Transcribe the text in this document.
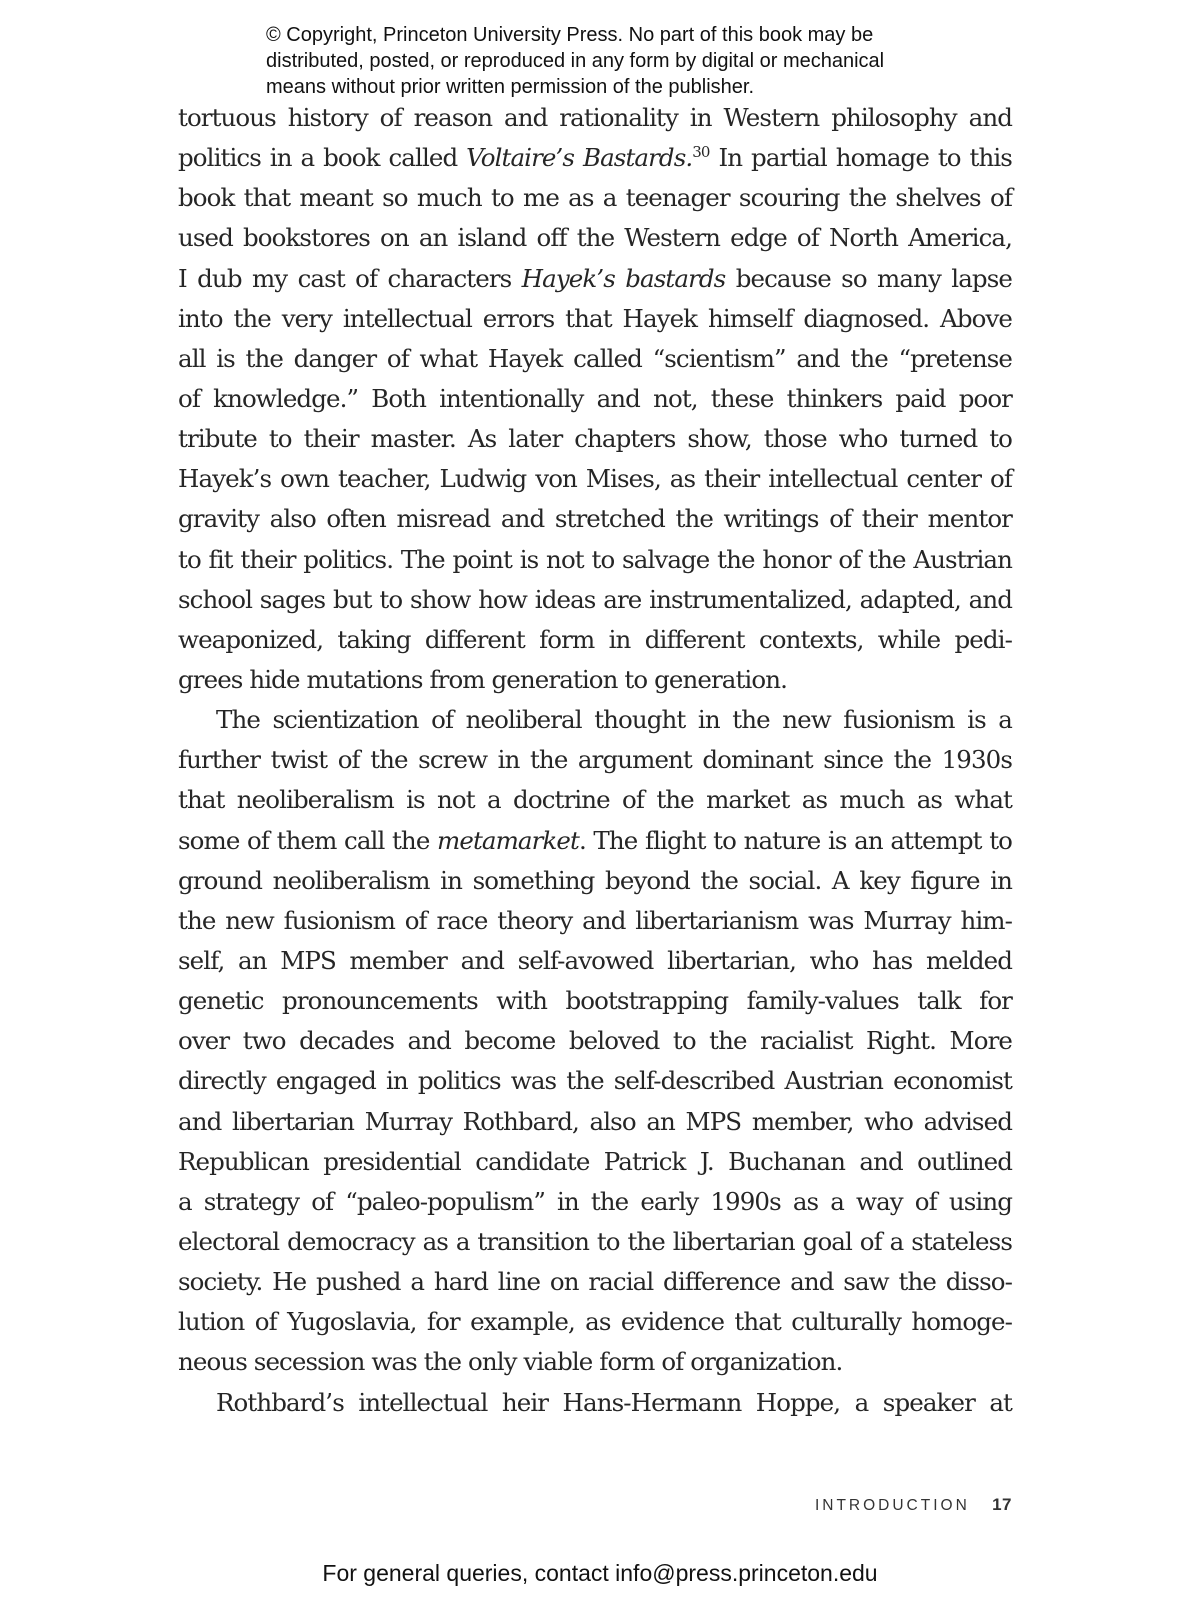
© Copyright, Princeton University Press. No part of this book may be
distributed, posted, or reproduced in any form by digital or mechanical
means without prior written permission of the publisher.
tortuous history of reason and rationality in Western philosophy and
politics in a book called Voltaire’s Bastards.$^{30}$ In partial homage to this
book that meant so much to me as a teenager scouring the shelves of
used bookstores on an island off the Western edge of North America,
I dub my cast of characters Hayek’s bastards because so many lapse
into the very intellectual errors that Hayek himself diagnosed. Above
all is the danger of what Hayek called “scientism” and the “pretense
of knowledge.” Both intentionally and not, these thinkers paid poor
tribute to their master. As later chapters show, those who turned to
Hayek’s own teacher, Ludwig von Mises, as their intellectual center of
gravity also often misread and stretched the writings of their mentor
to fit their politics. The point is not to salvage the honor of the Austrian
school sages but to show how ideas are instrumentalized, adapted, and
weaponized, taking different form in different contexts, while pedi-
grees hide mutations from generation to generation.
The scientization of neoliberal thought in the new fusionism is a
further twist of the screw in the argument dominant since the 1930s
that neoliberalism is not a doctrine of the market as much as what
some of them call the metamarket. The flight to nature is an attempt to
ground neoliberalism in something beyond the social. A key figure in
the new fusionism of race theory and libertarianism was Murray him-
self, an MPS member and self-avowed libertarian, who has melded
genetic pronouncements with bootstrapping family-values talk for
over two decades and become beloved to the racialist Right. More
directly engaged in politics was the self-described Austrian economist
and libertarian Murray Rothbard, also an MPS member, who advised
Republican presidential candidate Patrick J. Buchanan and outlined
a strategy of “paleo-populism” in the early 1990s as a way of using
electoral democracy as a transition to the libertarian goal of a stateless
society. He pushed a hard line on racial difference and saw the disso-
lution of Yugoslavia, for example, as evidence that culturally homoge-
neous secession was the only viable form of organization.
Rothbard’s intellectual heir Hans-Hermann Hoppe, a speaker at
INTRODUCTION 17
For general queries, contact info@press.princeton.edu
